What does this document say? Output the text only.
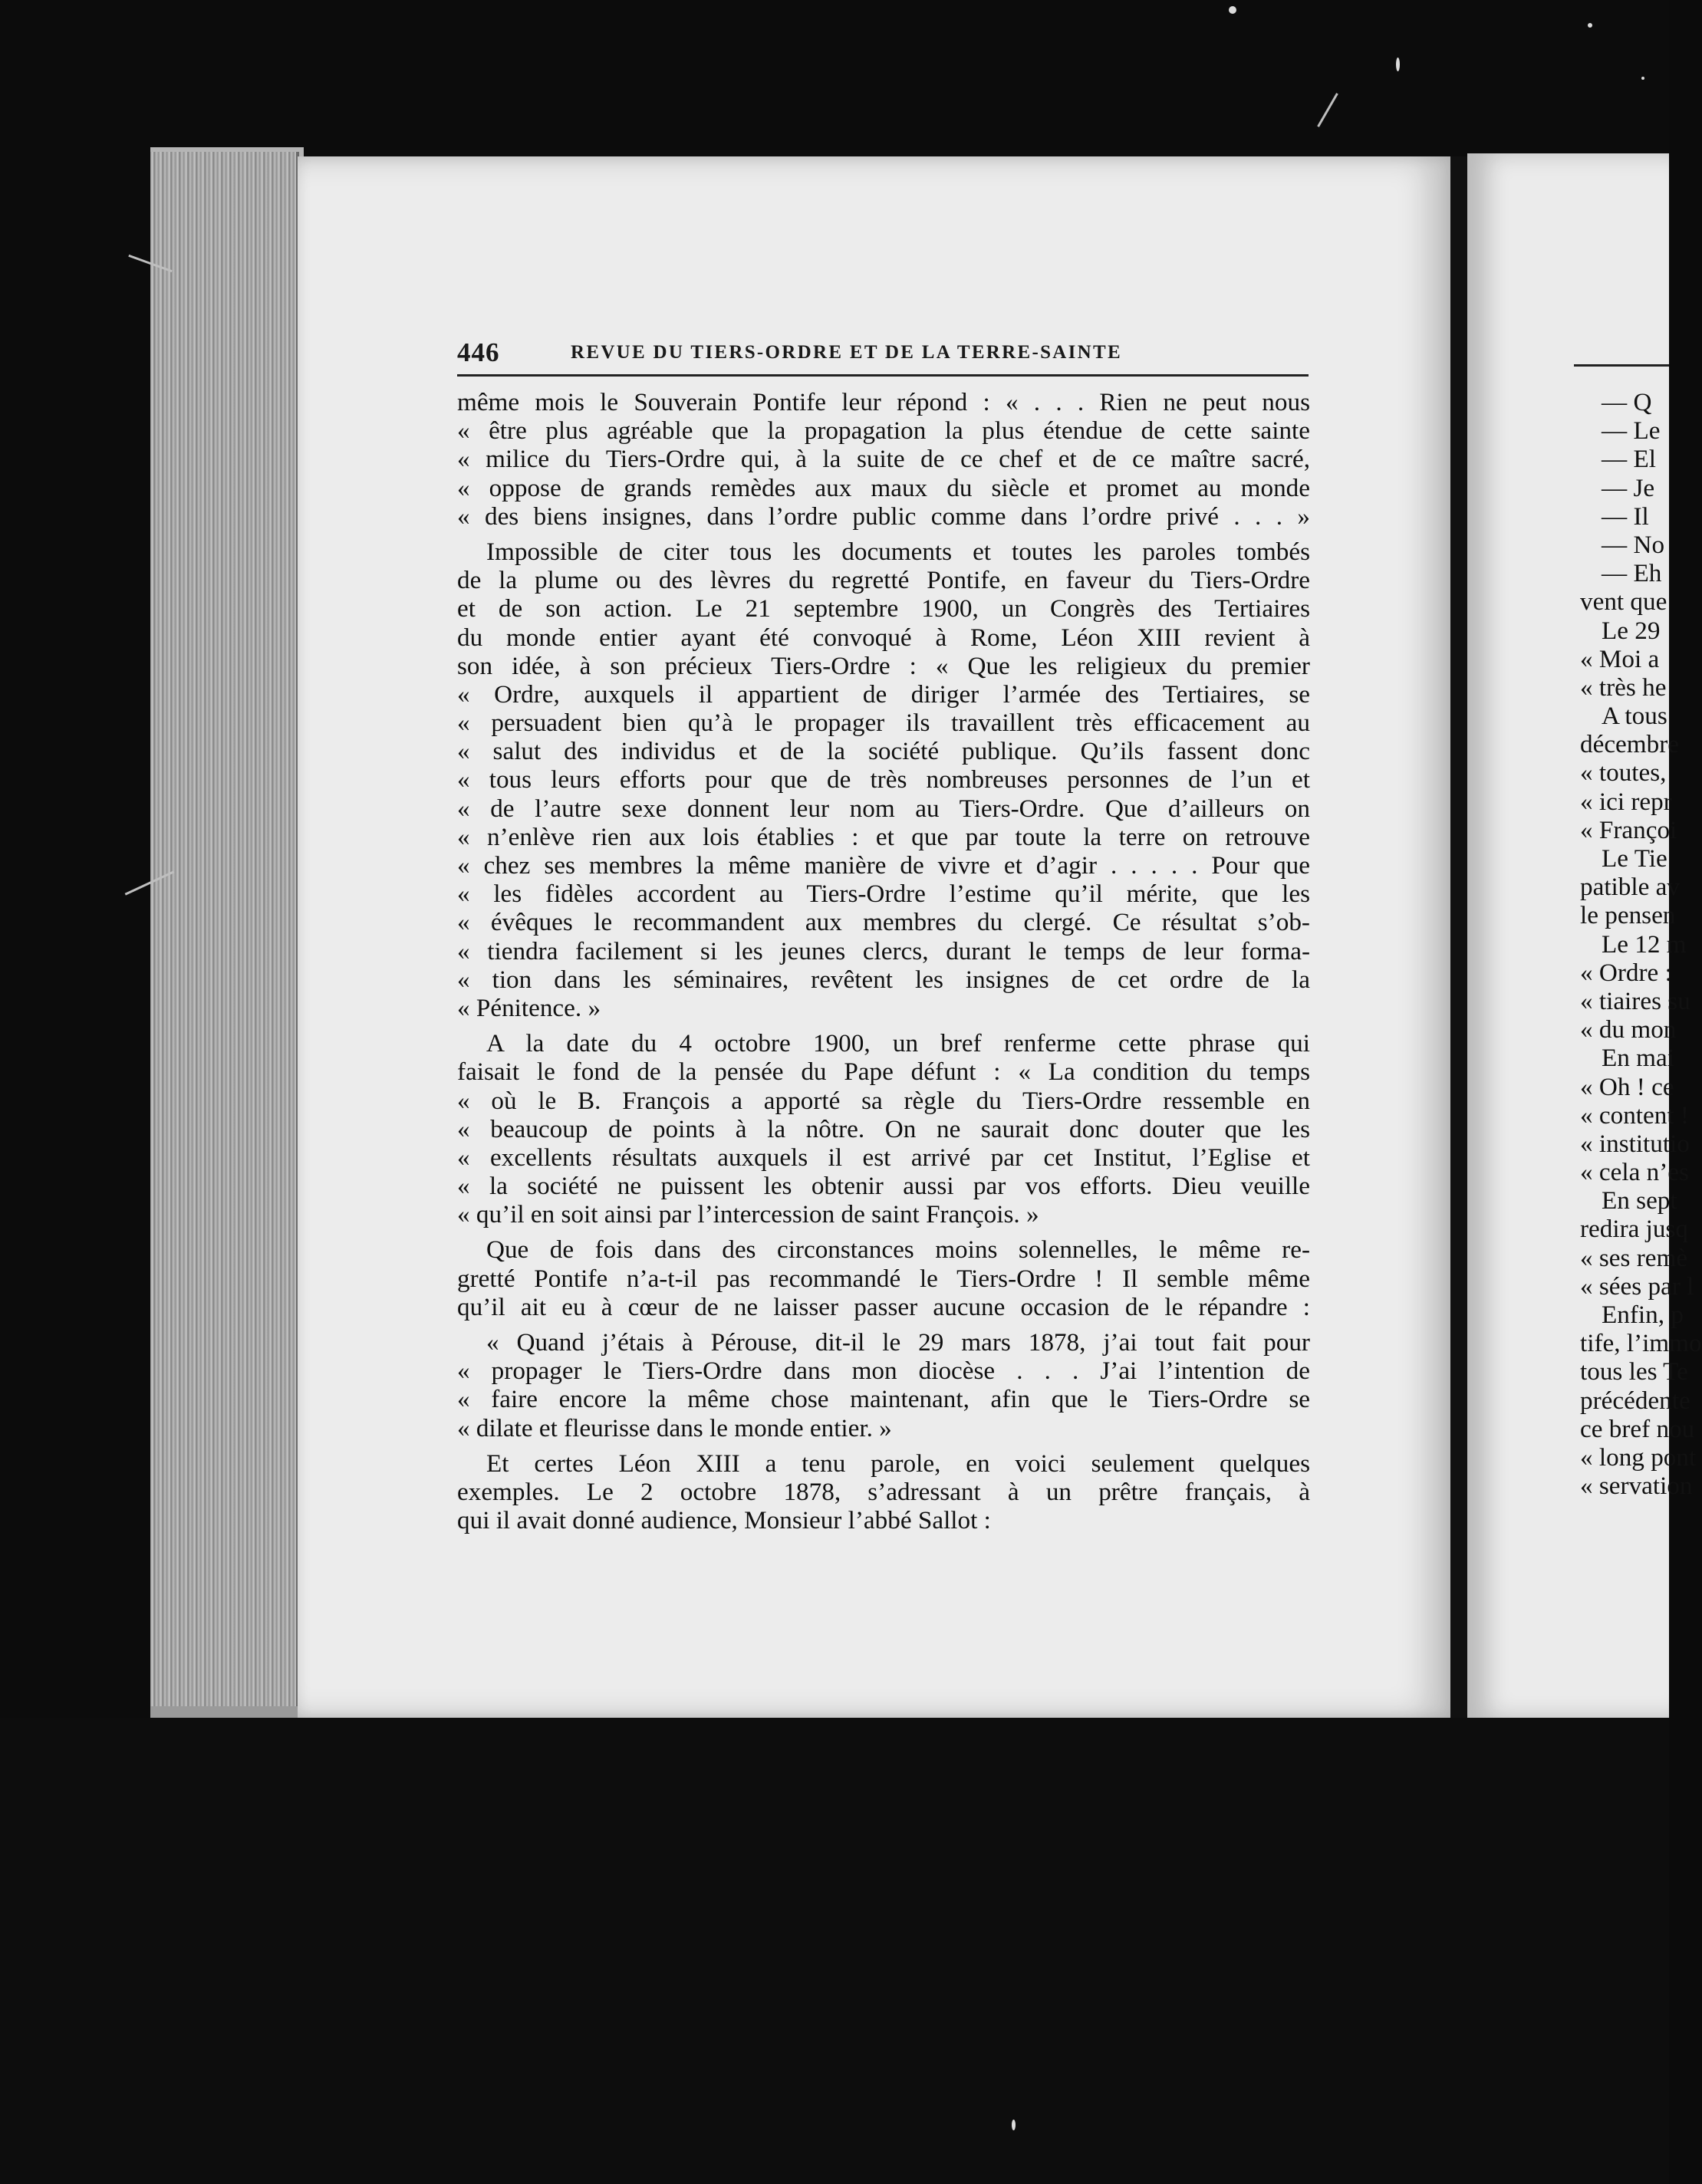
446	REVUE DU TIERS-ORDRE ET DE LA TERRE-SAINTE
même mois le Souverain Pontife leur répond : « . . . Rien ne peut nous
« être plus agréable que la propagation la plus étendue de cette sainte
« milice du Tiers-Ordre qui, à la suite de ce chef et de ce maître sacré,
« oppose de grands remèdes aux maux du siècle et promet au monde
« des biens insignes, dans l’ordre public comme dans l’ordre privé . . . »
Impossible de citer tous les documents et toutes les paroles tombés
de la plume ou des lèvres du regretté Pontife, en faveur du Tiers-Ordre
et de son action. Le 21 septembre 1900, un Congrès des Tertiaires
du monde entier ayant été convoqué à Rome, Léon XIII revient à
son idée, à son précieux Tiers-Ordre : « Que les religieux du premier
« Ordre, auxquels il appartient de diriger l’armée des Tertiaires, se
« persuadent bien qu’à le propager ils travaillent très efficacement au
« salut des individus et de la société publique. Qu’ils fassent donc
« tous leurs efforts pour que de très nombreuses personnes de l’un et
« de l’autre sexe donnent leur nom au Tiers-Ordre. Que d’ailleurs on
« n’enlève rien aux lois établies : et que par toute la terre on retrouve
« chez ses membres la même manière de vivre et d’agir . . . . . Pour que
« les fidèles accordent au Tiers-Ordre l’estime qu’il mérite, que les
« évêques le recommandent aux membres du clergé. Ce résultat s’ob-
« tiendra facilement si les jeunes clercs, durant le temps de leur forma-
« tion dans les séminaires, revêtent les insignes de cet ordre de la
« Pénitence. »
A la date du 4 octobre 1900, un bref renferme cette phrase qui
faisait le fond de la pensée du Pape défunt : « La condition du temps
« où le B. François a apporté sa règle du Tiers-Ordre ressemble en
« beaucoup de points à la nôtre. On ne saurait donc douter que les
« excellents résultats auxquels il est arrivé par cet Institut, l’Eglise et
« la société ne puissent les obtenir aussi par vos efforts. Dieu veuille
« qu’il en soit ainsi par l’intercession de saint François. »
Que de fois dans des circonstances moins solennelles, le même re-
gretté Pontife n’a-t-il pas recommandé le Tiers-Ordre ! Il semble même
qu’il ait eu à cœur de ne laisser passer aucune occasion de le répandre :
« Quand j’étais à Pérouse, dit-il le 29 mars 1878, j’ai tout fait pour
« propager le Tiers-Ordre dans mon diocèse . . . J’ai l’intention de
« faire encore la même chose maintenant, afin que le Tiers-Ordre se
« dilate et fleurisse dans le monde entier. »
Et certes Léon XIII a tenu parole, en voici seulement quelques
exemples. Le 2 octobre 1878, s’adressant à un prêtre français, à
qui il avait donné audience, Monsieur l’abbé Sallot :
— Q
— Le
— El
— Je
— Il
— No
— Eh
vent que
Le 29
« Moi a
« très he
A tous
décembre
« toutes,
« ici repr
« Françoi
Le Tie
patible av
le pensen
Le 12 m
« Ordre :
« tiaires su
« du mon
En mai
« Oh ! ce
« content !
« institutio
« cela n’es
En sept
redira jusq
« ses remè
« sées par l
Enfin, p
tife, l’immo
tous les Te
précédente
ce bref nou
« long pont
« servation
